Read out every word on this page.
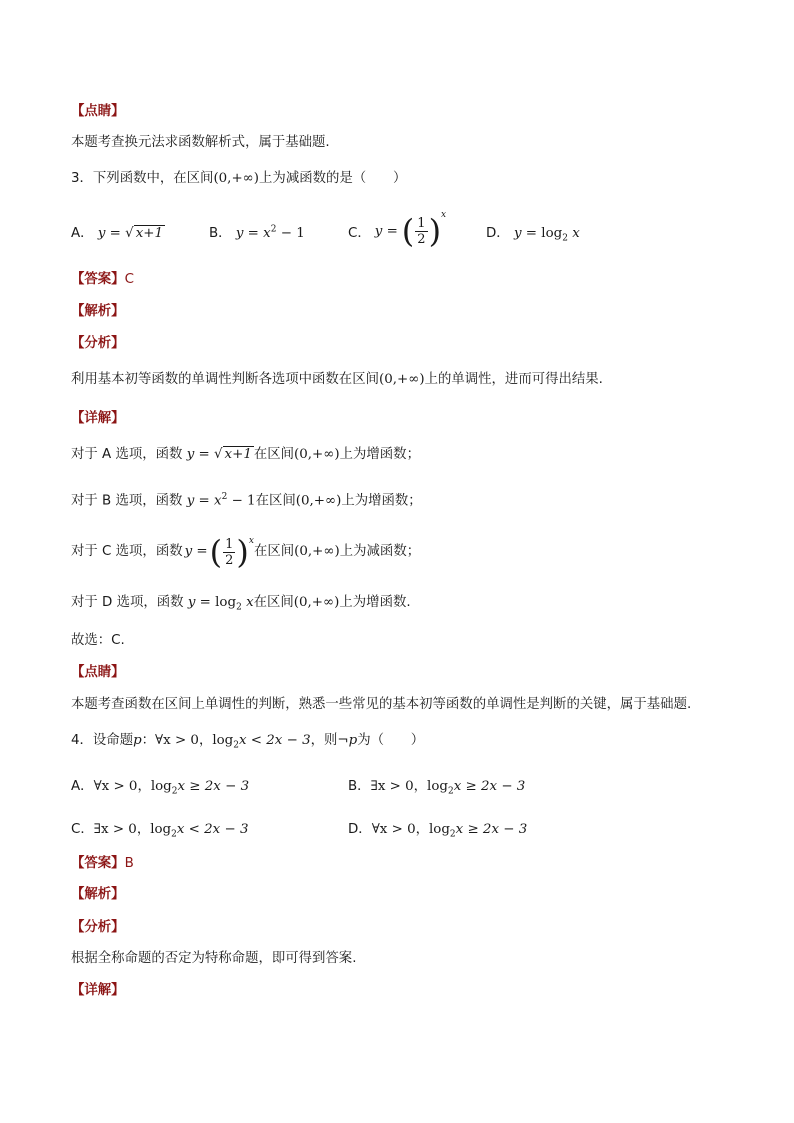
【点睛】
本题考查换元法求函数解析式，属于基础题.
3．下列函数中，在区间(0,+∞)上为减函数的是（　　）
A． y = √ x+1	B． $y = x^2 - 1$	C． y = ( $\frac{1}{2} )^x$
D． $y = \log_2 x$
【答案】C
【解析】
【分析】
利用基本初等函数的单调性判断各选项中函数在区间(0,+∞)上的单调性，进而可得出结果.
【详解】
对于 A 选项，函数 y = √ x+1 在区间(0,+∞)上为增函数；
对于 B 选项，函数 $y = x^2 - 1$在区间(0,+∞)上为增函数；
对于 C 选项，函数 y = ( $\frac{1}{2} )^x$
在区间 (0,+∞) 上为减函数；
对于 D 选项，函数 $y = \log_2 x$在区间(0,+∞)上为增函数.
故选：C.
【点睛】
本题考查函数在区间上单调性的判断，熟悉一些常见的基本初等函数的单调性是判断的关键，属于基础题.
4．设命题p：∀x > 0，$\log_2x < 2x - 3$，则¬p为（　　）
A．∀x > 0，$\log_2x \ge 2x - 3$	B．∃x > 0，$\log_2x \ge 2x - 3$
C．∃x > 0，$\log_2x < 2x - 3$	D．∀x > 0，$\log_2x \ge 2x - 3$
【答案】B
【解析】
【分析】
根据全称命题的否定为特称命题，即可得到答案.
【详解】
